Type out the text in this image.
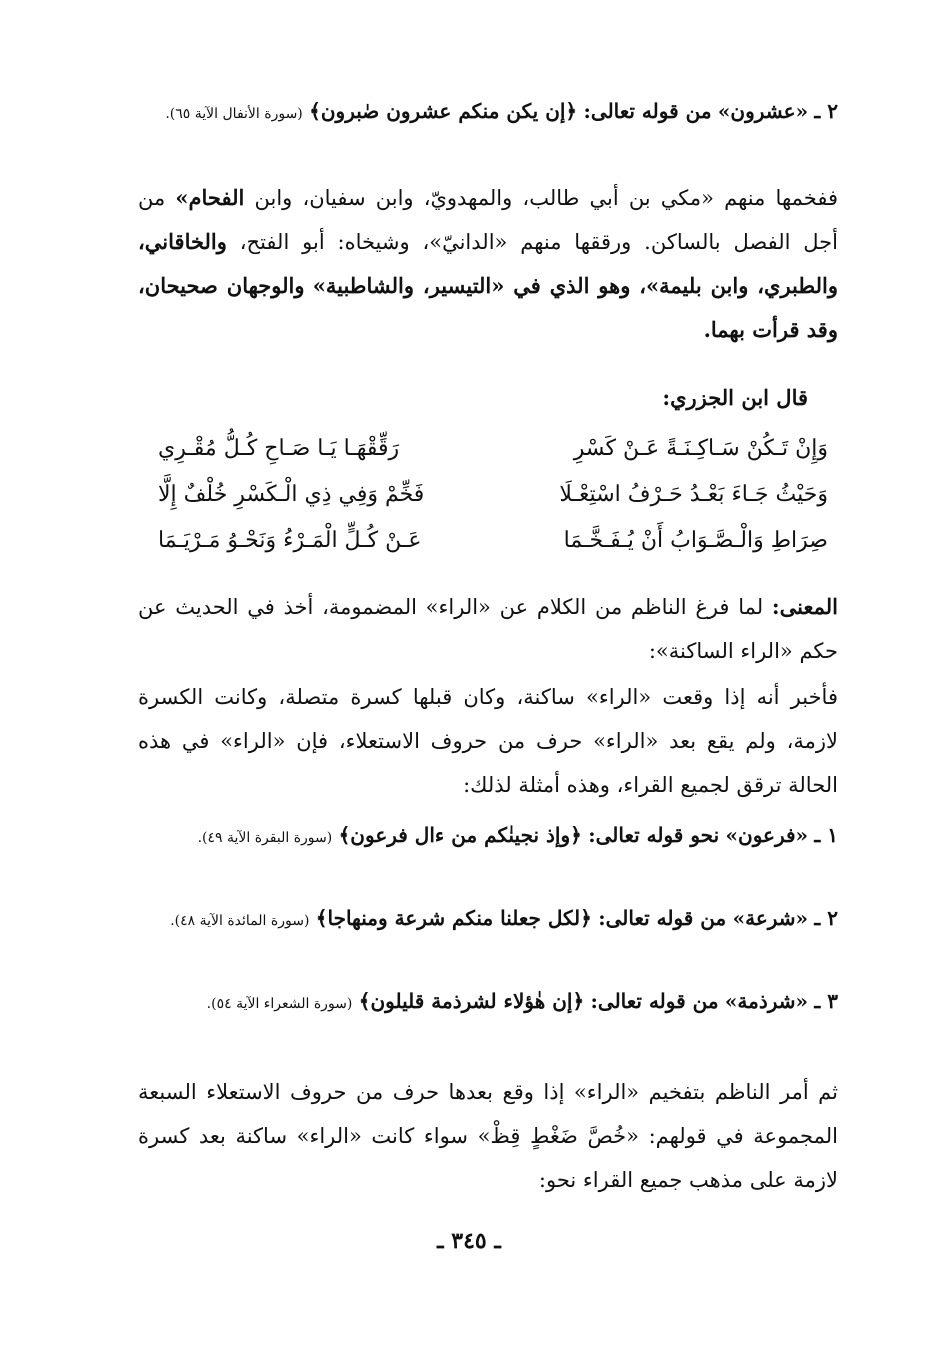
٢ ـ «عشرون» من قوله تعالى: ﴿إن يكن منكم عشرون صٰبرون﴾ (سورة الأنفال الآية ٦٥).
ففخمها منهم «مكي بن أبي طالب، والمهدويّ، وابن سفيان، وابن الفحام» من أجل الفصل بالساكن. ورققها منهم «الدانيّ»، وشيخاه: أبو الفتح، والخاقاني، والطبري، وابن بليمة»، وهو الذي في «التيسير، والشاطبية» والوجهان صحيحان، وقد قرأت بهما.
قال ابن الجزري:
وَإِنْ تَـكُنْ سَـاكِـنَـةً عَـنْ كَسْرِ
رَقِّقْهَـا يَـا صَـاحِ كُـلُّ مُقْـرِي
وَحَيْثُ جَـاءَ بَعْـدُ حَـرْفُ اسْتِعْـلَا
فَخِّمْ وَفِي ذِي الْـكَسْرِ خُلْفٌ إِلَّا
صِرَاطِ وَالْـصَّـوَابُ أَنْ يُـفَـخَّـمَا
عَـنْ كُـلٍّ الْمَـرْءُ وَنَحْـوُ مَـرْيَـمَا
المعنى: لما فرغ الناظم من الكلام عن «الراء» المضمومة، أخذ في الحديث عن حكم «الراء الساكنة»:
فأخبر أنه إذا وقعت «الراء» ساكنة، وكان قبلها كسرة متصلة، وكانت الكسرة لازمة، ولم يقع بعد «الراء» حرف من حروف الاستعلاء، فإن «الراء» في هذه الحالة ترقق لجميع القراء، وهذه أمثلة لذلك:
١ ـ «فرعون» نحو قوله تعالى: ﴿وإذ نجينٰكم من ءال فرعون﴾ (سورة البقرة الآية ٤٩).
٢ ـ «شرعة» من قوله تعالى: ﴿لكل جعلنا منكم شرعة ومنهاجا﴾ (سورة المائدة الآية ٤٨).
٣ ـ «شرذمة» من قوله تعالى: ﴿إن هٰؤلاء لشرذمة قليلون﴾ (سورة الشعراء الآية ٥٤).
ثم أمر الناظم بتفخيم «الراء» إذا وقع بعدها حرف من حروف الاستعلاء السبعة المجموعة في قولهم: «خُصَّ ضَغْطٍ قِظْ» سواء كانت «الراء» ساكنة بعد كسرة لازمة على مذهب جميع القراء نحو:
ـ ٣٤٥ ـ
